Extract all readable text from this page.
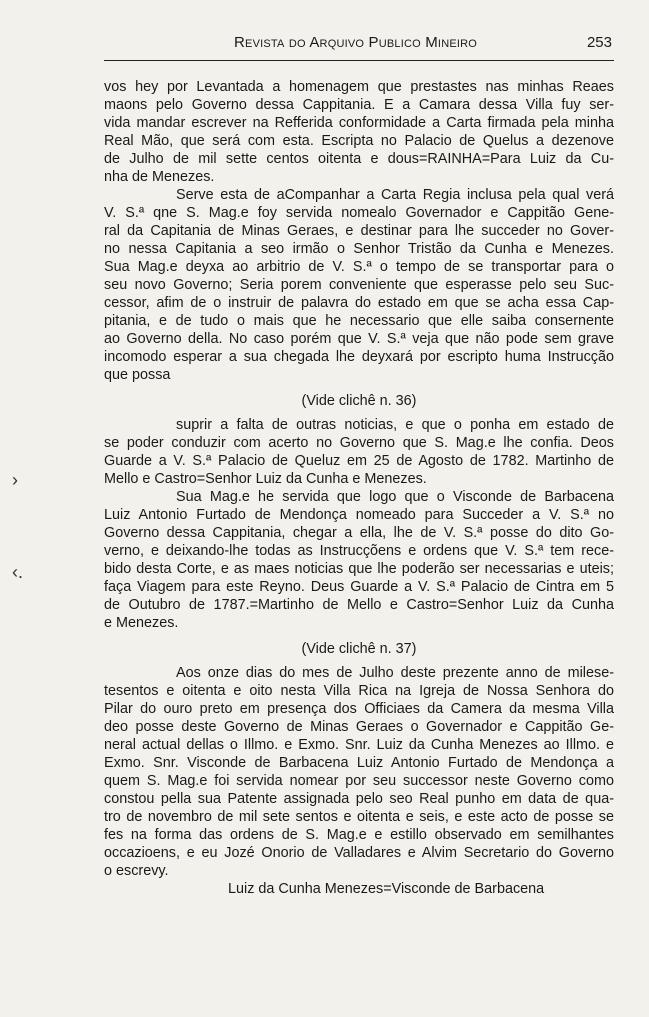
Revista do Arquivo Publico Mineiro	253
›
‹.
vos hey por Levantada a homenagem que prestastes nas minhas Reaes
maons pelo Governo dessa Cappitania. E a Camara dessa Villa fuy ser-
vida mandar escrever na Refferida conformidade a Carta firmada pela minha
Real Mão, que será com esta. Escripta no Palacio de Quelus a dezenove
de Julho de mil sette centos oitenta e dous=RAINHA=Para Luiz da Cu-
nha de Menezes.
Serve esta de aCompanhar a Carta Regia inclusa pela qual verá
V. S.ª qne S. Mag.e foy servida nomealo Governador e Cappitão Gene-
ral da Capitania de Minas Geraes, e destinar para lhe succeder no Gover-
no nessa Capitania a seo irmão o Senhor Tristão da Cunha e Menezes.
Sua Mag.e deyxa ao arbitrio de V. S.ª o tempo de se transportar para o
seu novo Governo; Seria porem conveniente que esperasse pelo seu Suc-
cessor, afim de o instruir de palavra do estado em que se acha essa Cap-
pitania, e de tudo o mais que he necessario que elle saiba consernente
ao Governo della. No caso porém que V. S.ª veja que não pode sem grave
incomodo esperar a sua chegada lhe deyxará por escripto huma Instrucção
que possa
(Vide clichê n. 36)
suprir a falta de outras noticias, e que o ponha em estado de
se poder conduzir com acerto no Governo que S. Mag.e lhe confia. Deos
Guarde a V. S.ª Palacio de Queluz em 25 de Agosto de 1782. Martinho de
Mello e Castro=Senhor Luiz da Cunha e Menezes.
Sua Mag.e he servida que logo que o Visconde de Barbacena
Luiz Antonio Furtado de Mendonça nomeado para Succeder a V. S.ª no
Governo dessa Cappitania, chegar a ella, lhe de V. S.ª posse do dito Go-
verno, e deixando-lhe todas as Instrucçõens e ordens que V. S.ª tem rece-
bido desta Corte, e as maes noticias que lhe poderão ser necessarias e uteis;
faça Viagem para este Reyno. Deus Guarde a V. S.ª Palacio de Cintra em 5
de Outubro de 1787.=Martinho de Mello e Castro=Senhor Luiz da Cunha
e Menezes.
(Vide clichê n. 37)
Aos onze dias do mes de Julho deste prezente anno de milese-
tesentos e oitenta e oito nesta Villa Rica na Igreja de Nossa Senhora do
Pilar do ouro preto em presença dos Officiaes da Camera da mesma Villa
deo posse deste Governo de Minas Geraes o Governador e Cappitão Ge-
neral actual dellas o Illmo. e Exmo. Snr. Luiz da Cunha Menezes ao Illmo. e
Exmo. Snr. Visconde de Barbacena Luiz Antonio Furtado de Mendonça a
quem S. Mag.e foi servida nomear por seu successor neste Governo como
constou pella sua Patente assignada pelo seo Real punho em data de qua-
tro de novembro de mil sete sentos e oitenta e seis, e este acto de posse se
fes na forma das ordens de S. Mag.e e estillo observado em semilhantes
occazioens, e eu Jozé Onorio de Valladares e Alvim Secretario do Governo
o escrevy.
Luiz da Cunha Menezes=Visconde de Barbacena
